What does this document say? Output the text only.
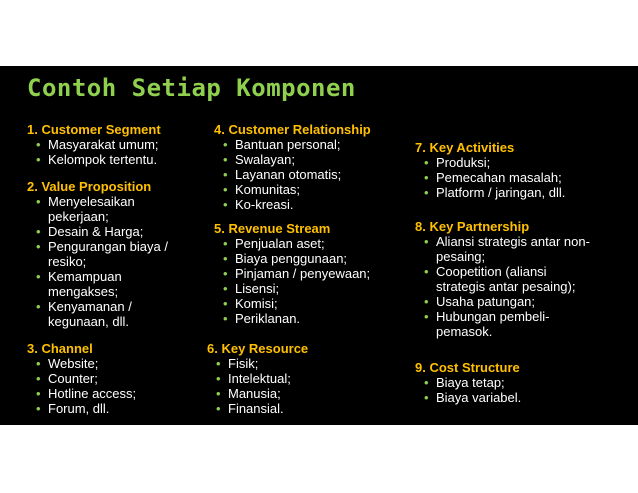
Contoh Setiap Komponen
1. Customer Segment
• Masyarakat umum;
• Kelompok tertentu.
2. Value Proposition
• Menyelesaikan
pekerjaan;
• Desain & Harga;
• Pengurangan biaya /
resiko;
• Kemampuan
mengakses;
• Kenyamanan /
kegunaan, dll.
3. Channel
• Website;
• Counter;
• Hotline access;
• Forum, dll.
4. Customer Relationship
• Bantuan personal;
• Swalayan;
• Layanan otomatis;
• Komunitas;
• Ko-kreasi.
5. Revenue Stream
• Penjualan aset;
• Biaya penggunaan;
• Pinjaman / penyewaan;
• Lisensi;
• Komisi;
• Periklanan.
6. Key Resource
• Fisik;
• Intelektual;
• Manusia;
• Finansial.
7. Key Activities
• Produksi;
• Pemecahan masalah;
• Platform / jaringan, dll.
8. Key Partnership
• Aliansi strategis antar non-
pesaing;
• Coopetition (aliansi
strategis antar pesaing);
• Usaha patungan;
• Hubungan pembeli-
pemasok.
9. Cost Structure
• Biaya tetap;
• Biaya variabel.
